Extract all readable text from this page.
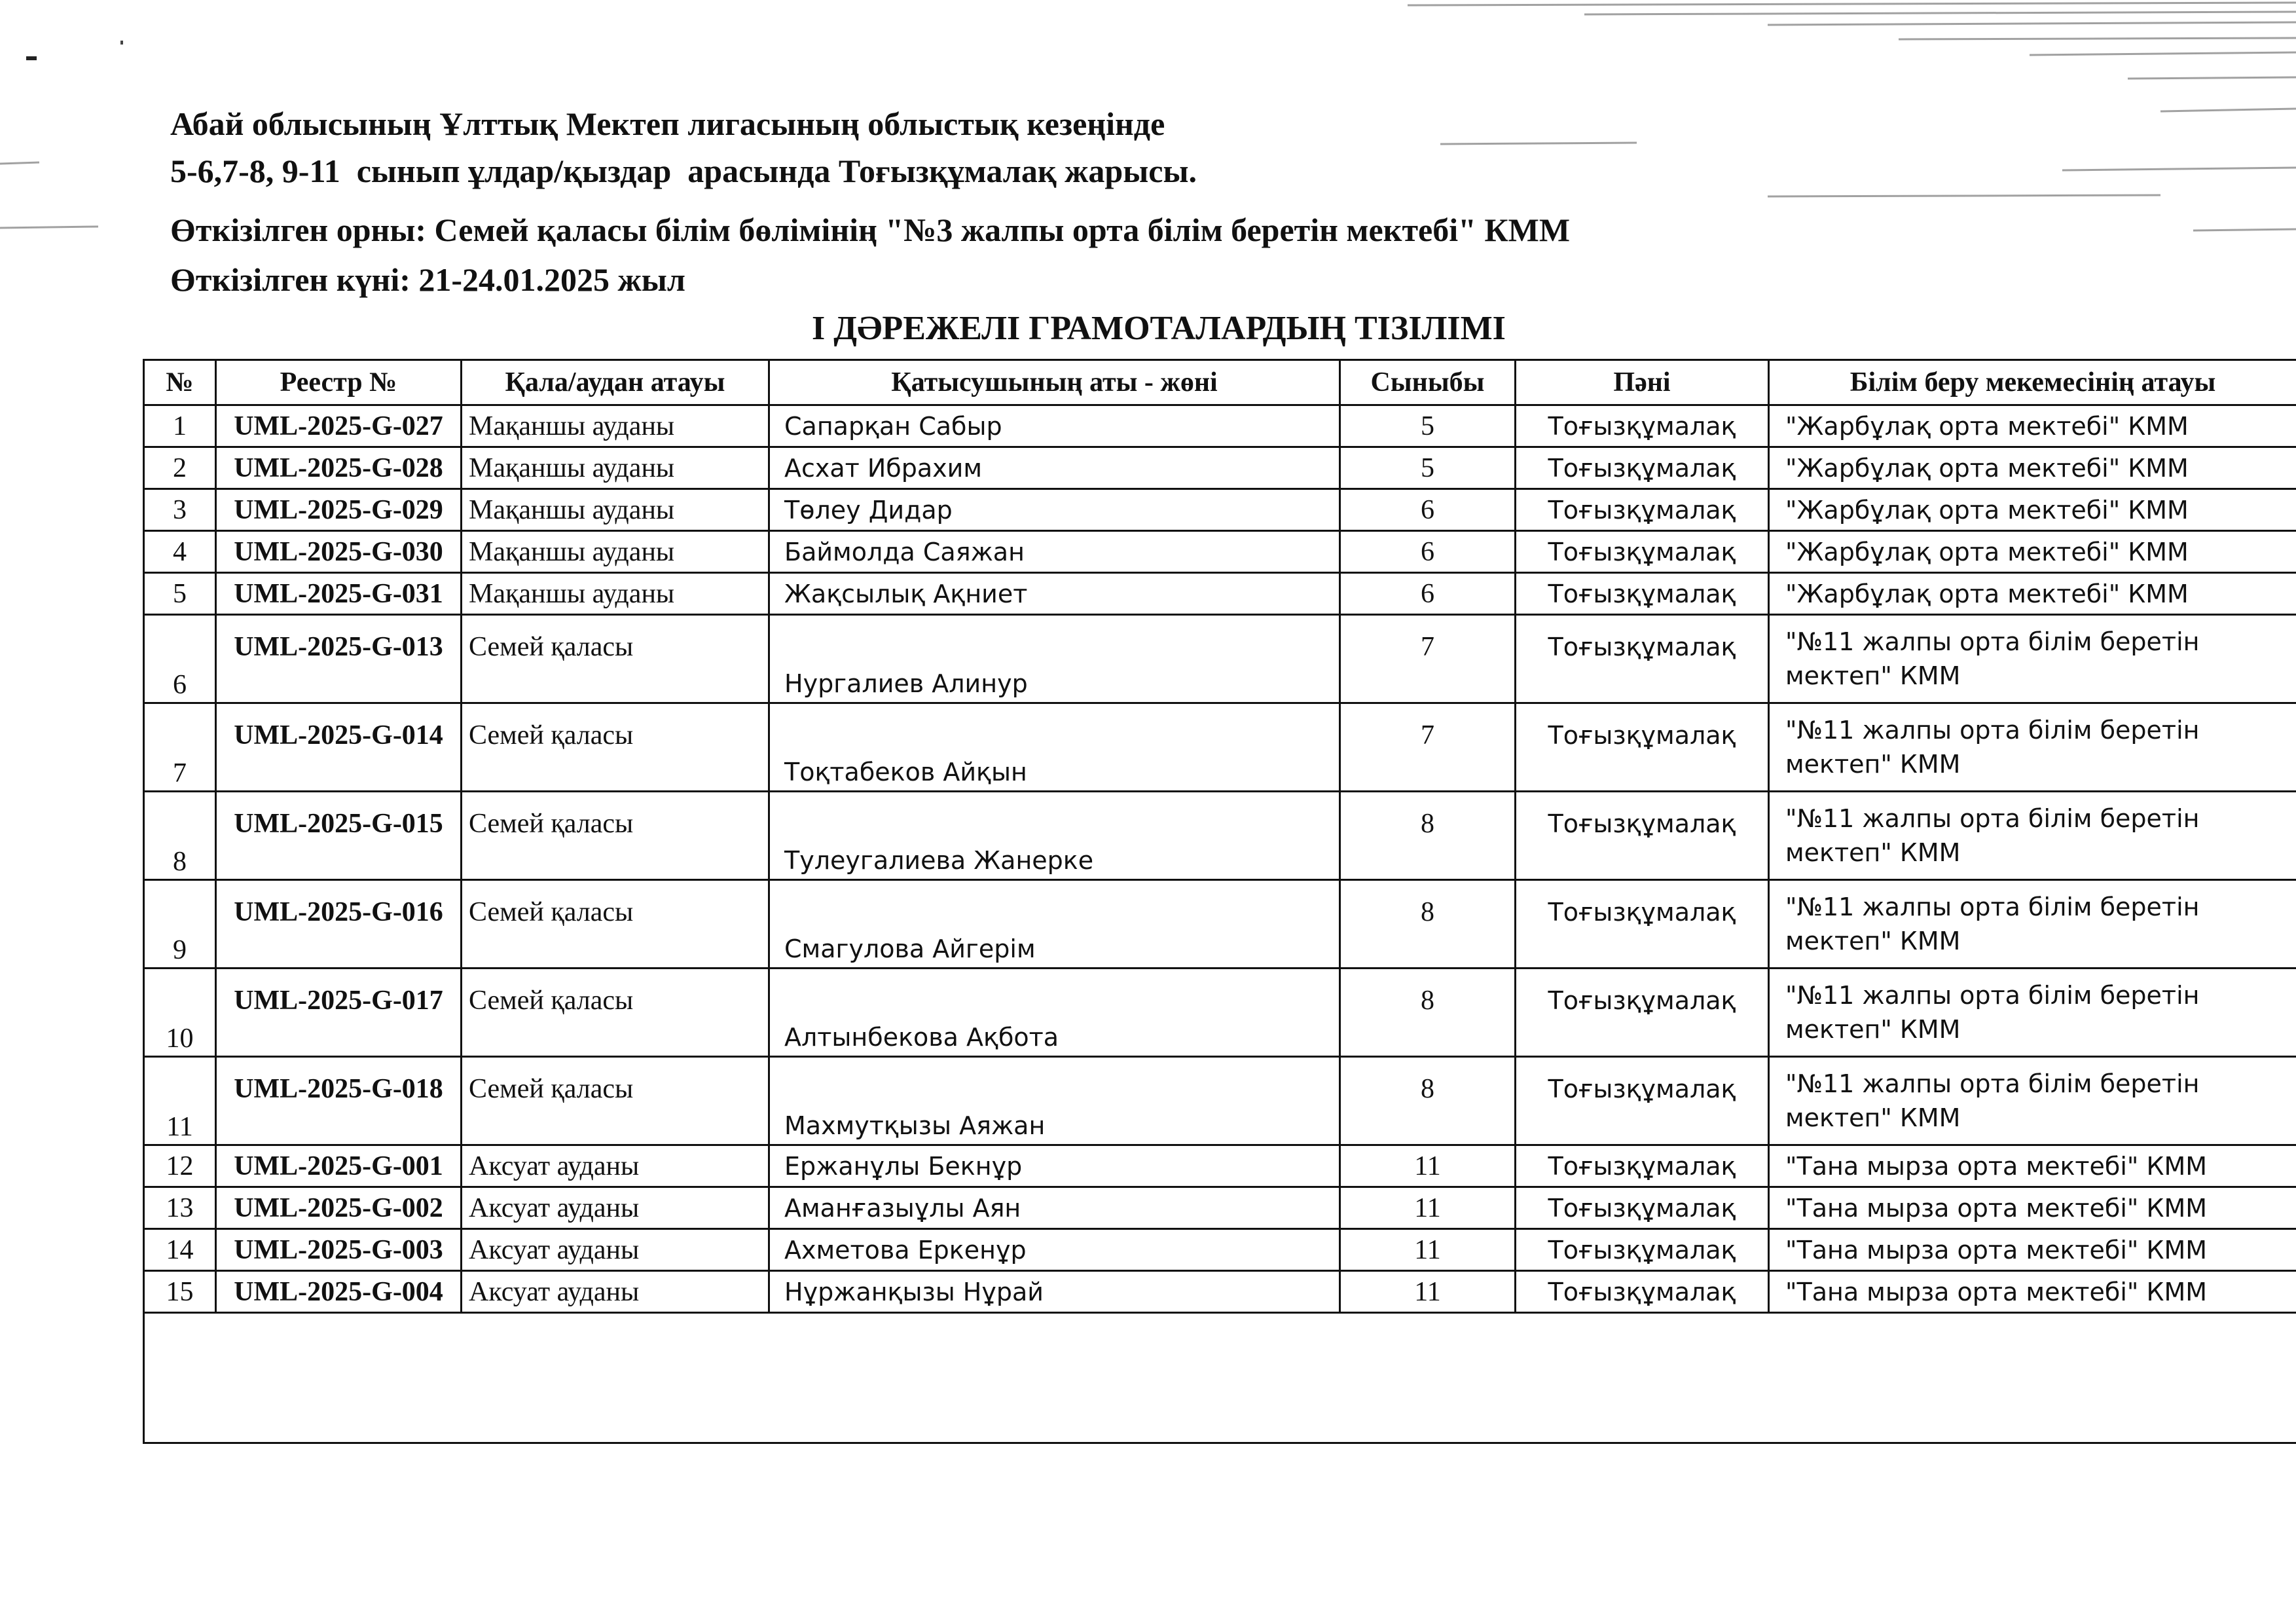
Абай облысының Ұлттық Мектеп лигасының облыстық кезеңінде
5-6,7-8, 9-11  сынып ұлдар/қыздар  арасында Тоғызқұмалақ жарысы.
Өткізілген орны: Семей қаласы білім бөлімінің "№3 жалпы орта білім беретін мектебі" КММ
Өткізілген күні: 21-24.01.2025 жыл
І ДӘРЕЖЕЛІ ГРАМОТАЛАРДЫҢ ТІЗІЛІМІ
№	Реестр №	Қала/аудан атауы	Қатысушының аты - жөні	Сыныбы	Пәні	Білім беру мекемесінің атауы
1	UML-2025-G-027	Мақаншы ауданы	Сапарқан Сабыр	5	Тоғызқұмалақ	"Жарбұлақ орта мектебі" КММ
2	UML-2025-G-028	Мақаншы ауданы	Асхат Ибрахим	5	Тоғызқұмалақ	"Жарбұлақ орта мектебі" КММ
3	UML-2025-G-029	Мақаншы ауданы	Төлеу Дидар	6	Тоғызқұмалақ	"Жарбұлақ орта мектебі" КММ
4	UML-2025-G-030	Мақаншы ауданы	Баймолда Саяжан	6	Тоғызқұмалақ	"Жарбұлақ орта мектебі" КММ
5	UML-2025-G-031	Мақаншы ауданы	Жақсылық Ақниет	6	Тоғызқұмалақ	"Жарбұлақ орта мектебі" КММ
6	UML-2025-G-013	Семей қаласы	Нургалиев Алинур	7	Тоғызқұмалақ	"№11 жалпы орта білім беретін мектеп" КММ
7	UML-2025-G-014	Семей қаласы	Тоқтабеков Айқын	7	Тоғызқұмалақ	"№11 жалпы орта білім беретін мектеп" КММ
8	UML-2025-G-015	Семей қаласы	Тулеугалиева Жанерке	8	Тоғызқұмалақ	"№11 жалпы орта білім беретін мектеп" КММ
9	UML-2025-G-016	Семей қаласы	Смагулова Айгерім	8	Тоғызқұмалақ	"№11 жалпы орта білім беретін мектеп" КММ
10	UML-2025-G-017	Семей қаласы	Алтынбекова Ақбота	8	Тоғызқұмалақ	"№11 жалпы орта білім беретін мектеп" КММ
11	UML-2025-G-018	Семей қаласы	Махмутқызы Аяжан	8	Тоғызқұмалақ	"№11 жалпы орта білім беретін мектеп" КММ
12	UML-2025-G-001	Аксуат ауданы	Ержанұлы Бекнұр	11	Тоғызқұмалақ	"Тана мырза орта мектебі" КММ
13	UML-2025-G-002	Аксуат ауданы	Аманғазыұлы Аян	11	Тоғызқұмалақ	"Тана мырза орта мектебі" КММ
14	UML-2025-G-003	Аксуат ауданы	Ахметова Еркенұр	11	Тоғызқұмалақ	"Тана мырза орта мектебі" КММ
15	UML-2025-G-004	Аксуат ауданы	Нұржанқызы Нұрай	11	Тоғызқұмалақ	"Тана мырза орта мектебі" КММ
